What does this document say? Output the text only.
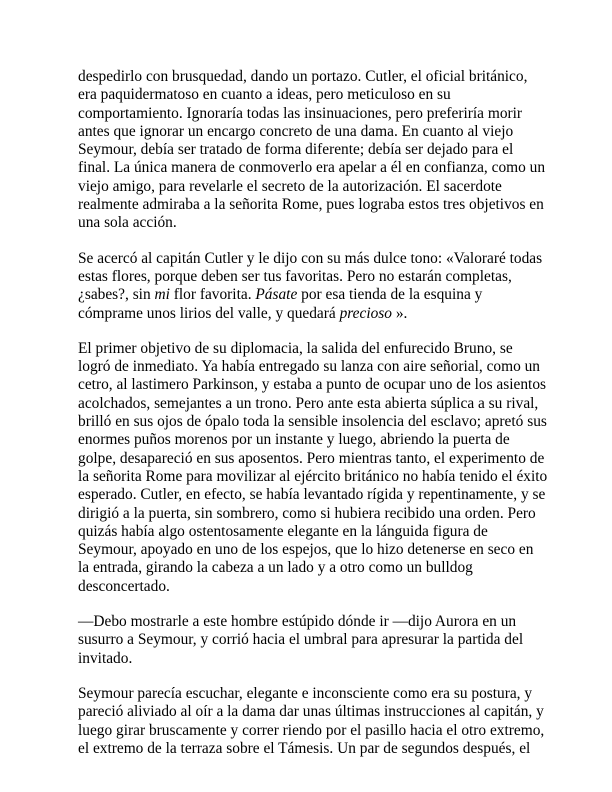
despedirlo con brusquedad, dando un portazo. Cutler, el oficial británico,
era paquidermatoso en cuanto a ideas, pero meticuloso en su
comportamiento. Ignoraría todas las insinuaciones, pero preferiría morir
antes que ignorar un encargo concreto de una dama. En cuanto al viejo
Seymour, debía ser tratado de forma diferente; debía ser dejado para el
final. La única manera de conmoverlo era apelar a él en confianza, como un
viejo amigo, para revelarle el secreto de la autorización. El sacerdote
realmente admiraba a la señorita Rome, pues lograba estos tres objetivos en
una sola acción.

Se acercó al capitán Cutler y le dijo con su más dulce tono: «Valoraré todas
estas flores, porque deben ser tus favoritas. Pero no estarán completas,
¿sabes?, sin mi flor favorita. Pásate por esa tienda de la esquina y
cómprame unos lirios del valle, y quedará precioso ».

El primer objetivo de su diplomacia, la salida del enfurecido Bruno, se
logró de inmediato. Ya había entregado su lanza con aire señorial, como un
cetro, al lastimero Parkinson, y estaba a punto de ocupar uno de los asientos
acolchados, semejantes a un trono. Pero ante esta abierta súplica a su rival,
brilló en sus ojos de ópalo toda la sensible insolencia del esclavo; apretó sus
enormes puños morenos por un instante y luego, abriendo la puerta de
golpe, desapareció en sus aposentos. Pero mientras tanto, el experimento de
la señorita Rome para movilizar al ejército británico no había tenido el éxito
esperado. Cutler, en efecto, se había levantado rígida y repentinamente, y se
dirigió a la puerta, sin sombrero, como si hubiera recibido una orden. Pero
quizás había algo ostentosamente elegante en la lánguida figura de
Seymour, apoyado en uno de los espejos, que lo hizo detenerse en seco en
la entrada, girando la cabeza a un lado y a otro como un bulldog
desconcertado.

—Debo mostrarle a este hombre estúpido dónde ir —dijo Aurora en un
susurro a Seymour, y corrió hacia el umbral para apresurar la partida del
invitado.

Seymour parecía escuchar, elegante e inconsciente como era su postura, y
pareció aliviado al oír a la dama dar unas últimas instrucciones al capitán, y
luego girar bruscamente y correr riendo por el pasillo hacia el otro extremo,
el extremo de la terraza sobre el Támesis. Un par de segundos después, el
